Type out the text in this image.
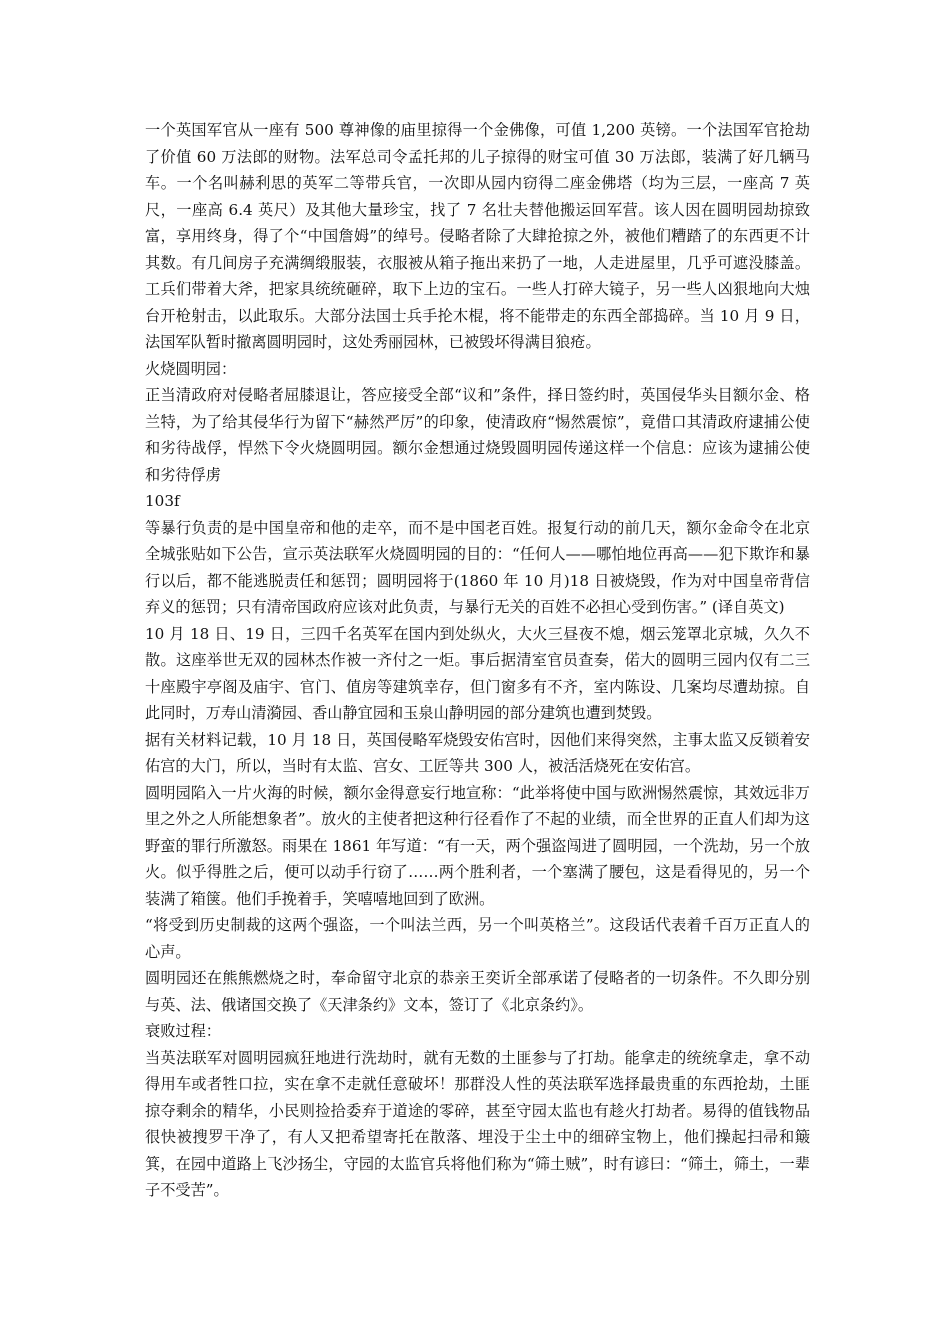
一个英国军官从一座有 500 尊神像的庙里掠得一个金佛像，可值 1,200 英镑。一个法国军官抢劫了价值 60 万法郎的财物。法军总司令孟托邦的儿子掠得的财宝可值 30 万法郎，装满了好几辆马车。一个名叫赫利思的英军二等带兵官，一次即从园内窃得二座金佛塔（均为三层，一座高 7 英尺，一座高 6.4 英尺）及其他大量珍宝，找了 7 名壮夫替他搬运回军营。该人因在圆明园劫掠致富，享用终身，得了个“中国詹姆”的绰号。侵略者除了大肆抢掠之外，被他们糟踏了的东西更不计其数。有几间房子充满绸缎服装，衣服被从箱子拖出来扔了一地，人走进屋里，几乎可遮没膝盖。工兵们带着大斧，把家具统统砸碎，取下上边的宝石。一些人打碎大镜子，另一些人凶狠地向大烛台开枪射击，以此取乐。大部分法国士兵手抡木棍，将不能带走的东西全部捣碎。当 10 月 9 日，法国军队暂时撤离圆明园时，这处秀丽园林，已被毁坏得满目狼疮。

火烧圆明园：

正当清政府对侵略者屈膝退让，答应接受全部“议和”条件，择日签约时，英国侵华头目额尔金、格兰特，为了给其侵华行为留下“赫然严厉”的印象，使清政府“惕然震惊”，竟借口其清政府逮捕公使和劣待战俘，悍然下令火烧圆明园。额尔金想通过烧毁圆明园传递这样一个信息：应该为逮捕公使和劣待俘虏

103f

等暴行负责的是中国皇帝和他的走卒，而不是中国老百姓。报复行动的前几天，额尔金命令在北京全城张贴如下公告，宣示英法联军火烧圆明园的目的：“任何人——哪怕地位再高——犯下欺诈和暴行以后，都不能逃脱责任和惩罚；圆明园将于(1860 年 10 月)18 日被烧毁，作为对中国皇帝背信弃义的惩罚；只有清帝国政府应该对此负责，与暴行无关的百姓不必担心受到伤害。” (译自英文)

10 月 18 日、19 日，三四千名英军在国内到处纵火，大火三昼夜不熄，烟云笼罩北京城，久久不散。这座举世无双的园林杰作被一齐付之一炬。事后据清室官员查奏，偌大的圆明三园内仅有二三十座殿宇亭阁及庙宇、官门、值房等建筑幸存，但门窗多有不齐，室内陈设、几案均尽遭劫掠。自此同时，万寿山清漪园、香山静宜园和玉泉山静明园的部分建筑也遭到焚毁。

据有关材料记载，10 月 18 日，英国侵略军烧毁安佑宫时，因他们来得突然，主事太监又反锁着安佑宫的大门，所以，当时有太监、宫女、工匠等共 300 人，被活活烧死在安佑宫。

圆明园陷入一片火海的时候，额尔金得意妄行地宣称：“此举将使中国与欧洲惕然震惊，其效远非万里之外之人所能想象者”。放火的主使者把这种行径看作了不起的业绩，而全世界的正直人们却为这野蛮的罪行所激怒。雨果在 1861 年写道：“有一天，两个强盗闯进了圆明园，一个洗劫，另一个放火。似乎得胜之后，便可以动手行窃了……两个胜利者，一个塞满了腰包，这是看得见的，另一个装满了箱箧。他们手挽着手，笑嘻嘻地回到了欧洲。

“将受到历史制裁的这两个强盗，一个叫法兰西，另一个叫英格兰”。这段话代表着千百万正直人的心声。

圆明园还在熊熊燃烧之时，奉命留守北京的恭亲王奕䜣全部承诺了侵略者的一切条件。不久即分别与英、法、俄诸国交换了《天津条约》文本，签订了《北京条约》。

衰败过程：

当英法联军对圆明园疯狂地进行洗劫时，就有无数的土匪参与了打劫。能拿走的统统拿走，拿不动得用车或者牲口拉，实在拿不走就任意破坏！那群没人性的英法联军选择最贵重的东西抢劫，土匪掠夺剩余的精华，小民则捡拾委弃于道途的零碎，甚至守园太监也有趁火打劫者。易得的值钱物品很快被搜罗干净了，有人又把希望寄托在散落、埋没于尘土中的细碎宝物上，他们操起扫帚和簸箕，在园中道路上飞沙扬尘，守园的太监官兵将他们称为“筛土贼”，时有谚曰：“筛土，筛土，一辈子不受苦”。
